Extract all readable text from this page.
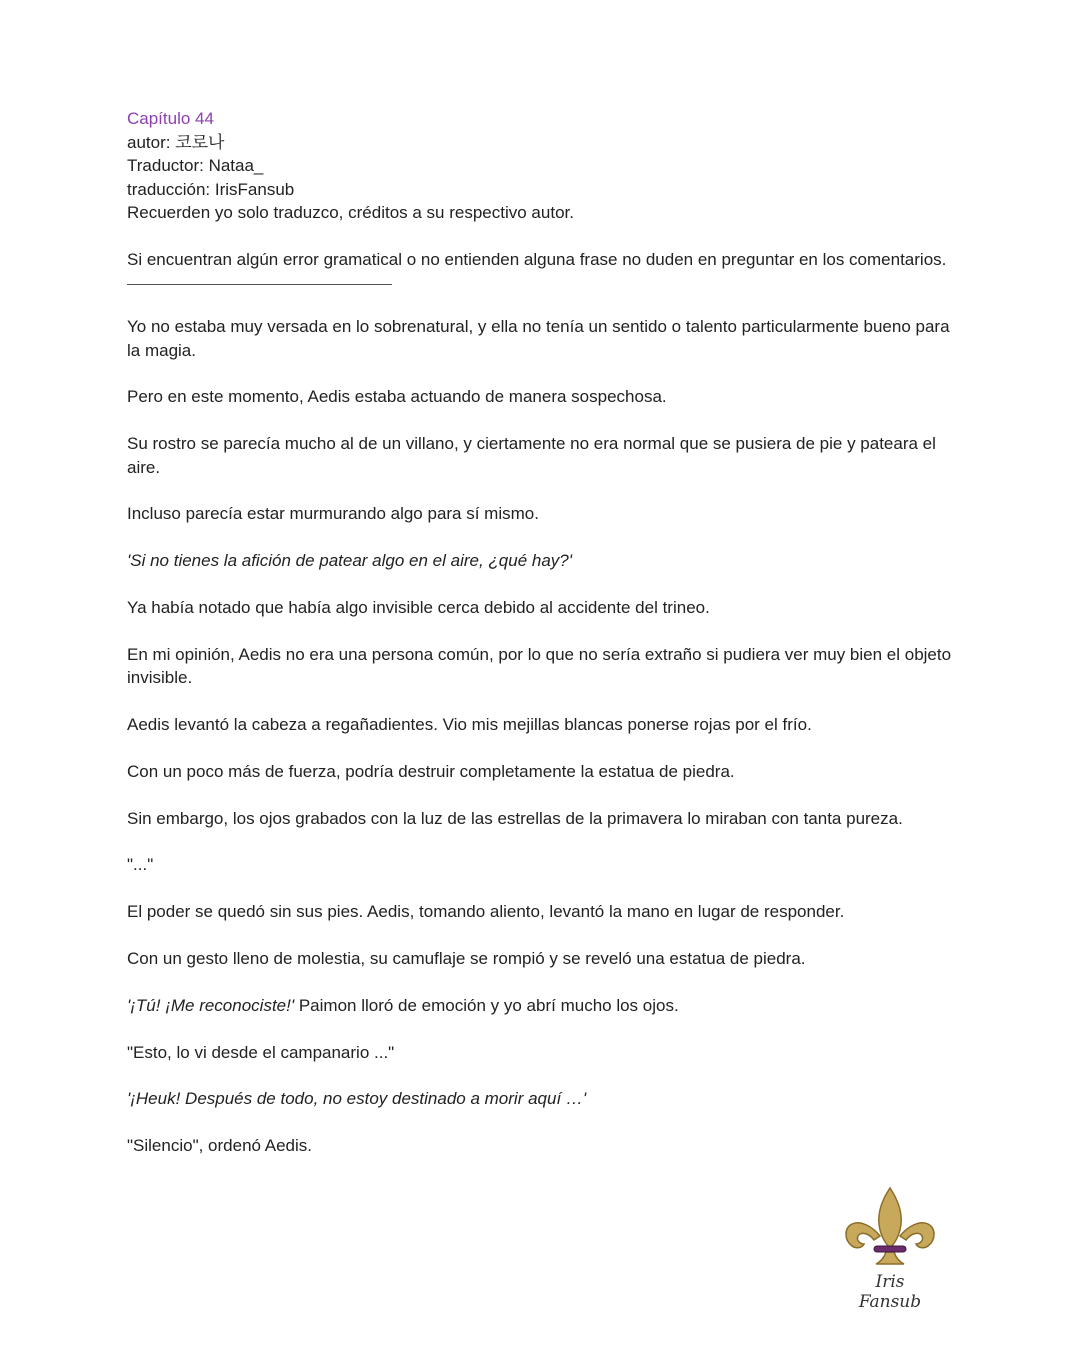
Capítulo 44
autor: 코로나
Traductor: Nataa_
traducción: IrisFansub
Recuerden yo solo traduzco, créditos a su respectivo autor.
Si encuentran algún error gramatical o no entienden alguna frase no duden en preguntar en los comentarios.

Yo no estaba muy versada en lo sobrenatural, y ella no tenía un sentido o talento particularmente bueno para la magia.

Pero en este momento, Aedis estaba actuando de manera sospechosa.

Su rostro se parecía mucho al de un villano, y ciertamente no era normal que se pusiera de pie y pateara el aire.

Incluso parecía estar murmurando algo para sí mismo.

'Si no tienes la afición de patear algo en el aire, ¿qué hay?'

Ya había notado que había algo invisible cerca debido al accidente del trineo.

En mi opinión, Aedis no era una persona común, por lo que no sería extraño si pudiera ver muy bien el objeto invisible.

Aedis levantó la cabeza a regañadientes. Vio mis mejillas blancas ponerse rojas por el frío.

Con un poco más de fuerza, podría destruir completamente la estatua de piedra.

Sin embargo, los ojos grabados con la luz de las estrellas de la primavera lo miraban con tanta pureza.

"..."

El poder se quedó sin sus pies. Aedis, tomando aliento, levantó la mano en lugar de responder.

Con un gesto lleno de molestia, su camuflaje se rompió y se reveló una estatua de piedra.

'¡Tú! ¡Me reconociste!' Paimon lloró de emoción y yo abrí mucho los ojos.

"Esto, lo vi desde el campanario ..."

'¡Heuk! Después de todo, no estoy destinado a morir aquí …'

"Silencio", ordenó Aedis.

Iris Fansub
